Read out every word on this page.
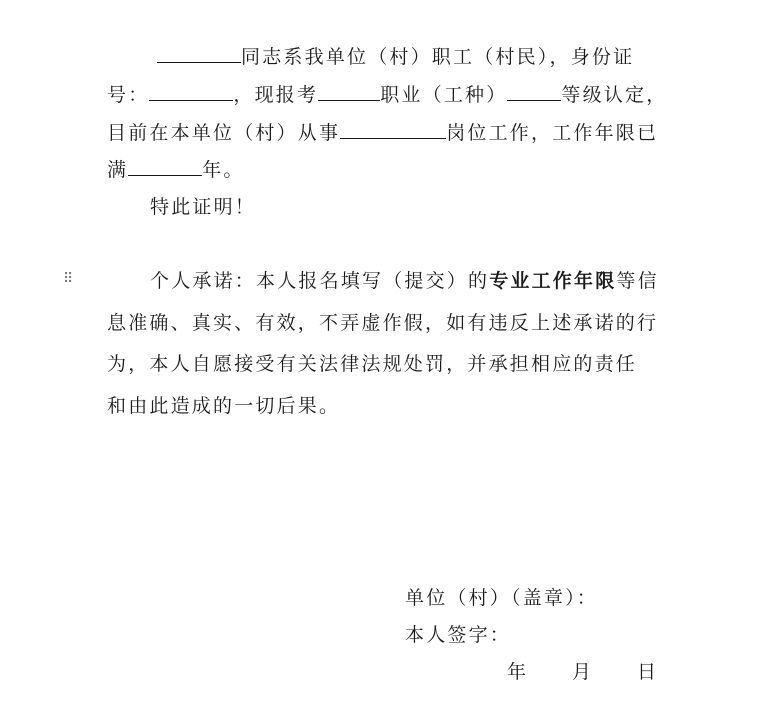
同志系我单位（村）职工（村民），身份证
号：	，现报考	职业（工种）	等级认定，
目前在本单位（村）从事	岗位工作，工作年限已
满	年。
特此证明！
⠿	个人承诺：本人报名填写（提交）的专业工作年限等信
息准确、真实、有效，不弄虚作假，如有违反上述承诺的行
为，本人自愿接受有关法律法规处罚，并承担相应的责任
和由此造成的一切后果。
单位（村）（盖章）：
本人签字：
年 月 日
